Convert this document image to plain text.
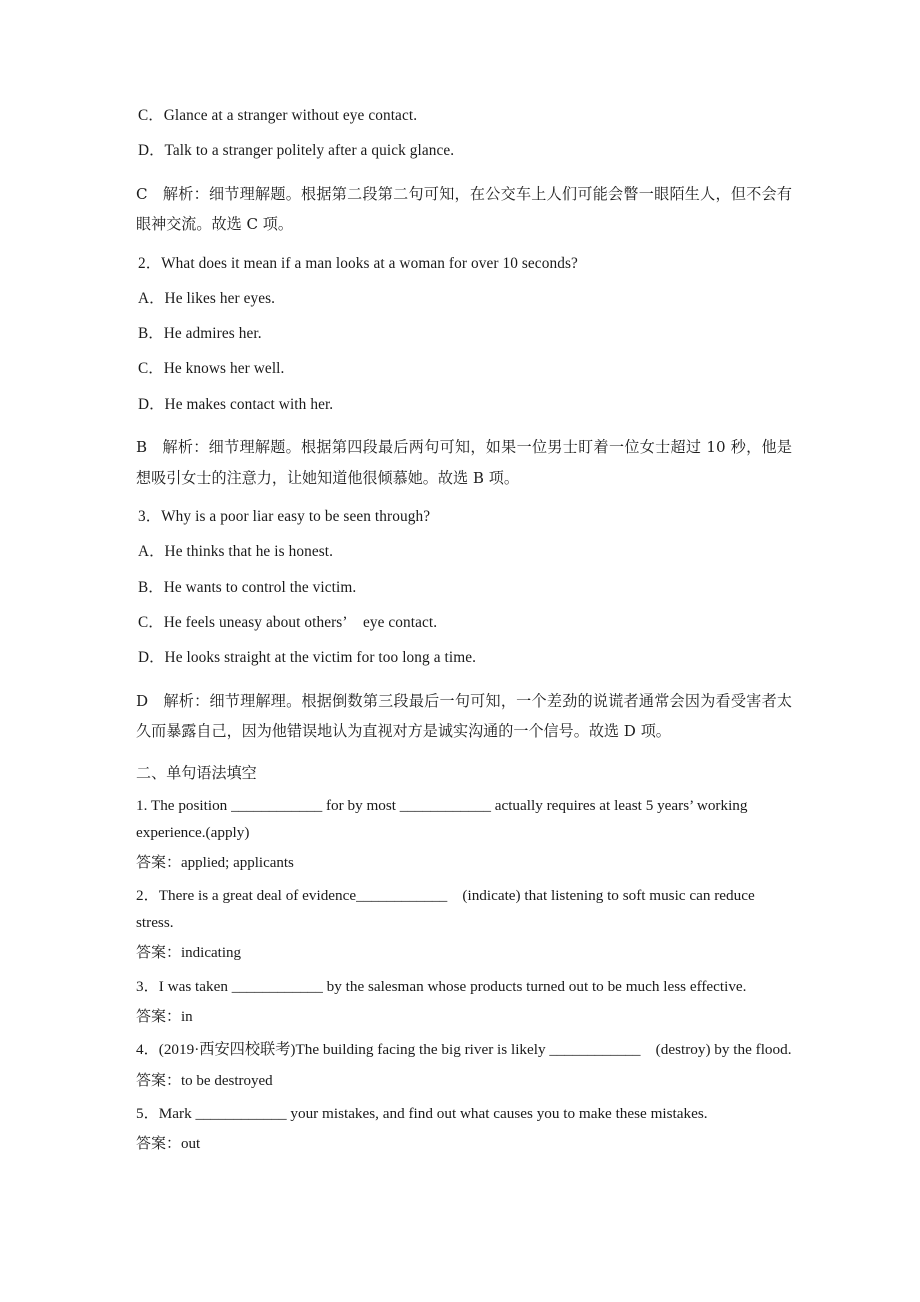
C．Glance at a stranger without eye contact.
D．Talk to a stranger politely after a quick glance.
C 解析：细节理解题。根据第二段第二句可知，在公交车上人们可能会瞥一眼陌生人，但不会有眼神交流。故选 C 项。
2．What does it mean if a man looks at a woman for over 10 seconds?
A．He likes her eyes.
B．He admires her.
C．He knows her well.
D．He makes contact with her.
B 解析：细节理解题。根据第四段最后两句可知，如果一位男士盯着一位女士超过 10 秒，他是想吸引女士的注意力，让她知道他很倾慕她。故选 B 项。
3．Why is a poor liar easy to be seen through?
A．He thinks that he is honest.
B．He wants to control the victim.
C．He feels uneasy about others’ eye contact.
D．He looks straight at the victim for too long a time.
D 解析：细节理解理。根据倒数第三段最后一句可知，一个差劲的说谎者通常会因为看受害者太久而暴露自己，因为他错误地认为直视对方是诚实沟通的一个信号。故选 D 项。
二、单句语法填空
1. The position ____________ for by most ____________ actually requires at least 5 years’ working experience.(apply)
答案：applied; applicants
2．There is a great deal of evidence____________ (indicate) that listening to soft music can reduce stress.
答案：indicating
3．I was taken ____________ by the salesman whose products turned out to be much less effective.
答案：in
4．(2019·西安四校联考)The building facing the big river is likely ____________ (destroy) by the flood.
答案：to be destroyed
5．Mark ____________ your mistakes, and find out what causes you to make these mistakes.
答案：out
